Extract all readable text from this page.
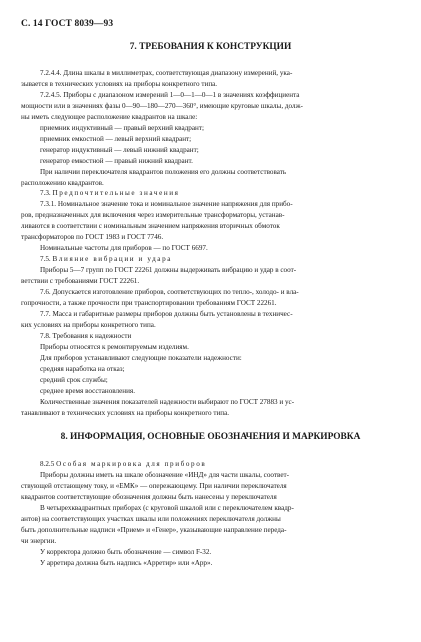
С. 14 ГОСТ 8039—93
7. ТРЕБОВАНИЯ К КОНСТРУКЦИИ
7.2.4.4. Длина шкалы в миллиметрах, соответствующая диапазону измерений, ука-
зывается в технических условиях на приборы конкретного типа.
7.2.4.5. Приборы с диапазоном измерений 1—0—1—0—1 в значениях коэффициента
мощности или в значениях фазы 0—90—180—270—360°, имеющие круговые шкалы, долж-
ны иметь следующее расположение квадрантов на шкале:
приемник индуктивный — правый верхний квадрант;
приемник емкостной — левый верхний квадрант;
генератор индуктивный — левый нижний квадрант;
генератор емкостной — правый нижний квадрант.
При наличии переключателя квадрантов положения его должны соответствовать
расположению квадрантов.
7.3. Предпочтительные значения
7.3.1. Номинальное значение тока и номинальное значение напряжения для прибо-
ров, предназначенных для включения через измерительные трансформаторы, устанав-
ливаются в соответствии с номинальным значением напряжения вторичных обмоток
трансформаторов по ГОСТ 1983 и ГОСТ 7746.
Номинальные частоты для приборов — по ГОСТ 6697.
7.5. Влияние вибрации и удара
Приборы 5—7 групп по ГОСТ 22261 должны выдерживать вибрацию и удар в соот-
ветствии с требованиями ГОСТ 22261.
7.6. Допускается изготовление приборов, соответствующих по тепло-, холодо- и вла-
гопрочности, а также прочности при транспортировании требованиям ГОСТ 22261.
7.7. Масса и габаритные размеры приборов должны быть установлены в техничес-
ких условиях на приборы конкретного типа.
7.8. Требования к надежности
Приборы относятся к ремонтируемым изделиям.
Для приборов устанавливают следующие показатели надежности:
средняя наработка на отказ;
средний срок службы;
среднее время восстановления.
Количественные значения показателей надежности выбирают по ГОСТ 27883 и ус-
танавливают в технических условиях на приборы конкретного типа.
8. ИНФОРМАЦИЯ, ОСНОВНЫЕ ОБОЗНАЧЕНИЯ И МАРКИРОВКА
8.2.5 Особая маркировка для приборов
Приборы должны иметь на шкале обозначение «ИНД» для части шкалы, соответ-
ствующей отстающему току, и «ЕМК» — опережающему. При наличии переключателя
квадрантов соответствующие обозначения должны быть нанесены у переключателя
В четырехквадрантных приборах (с круговой шкалой или с переключателем квадр-
антов) на соответствующих участках шкалы или положениях переключателя должны
быть дополнительные надписи «Прием» и «Генер», указывающие направление переда-
чи энергии.
У корректора должно быть обозначение — символ F-32.
У арретира должна быть надпись «Арретир» или «Арр».
